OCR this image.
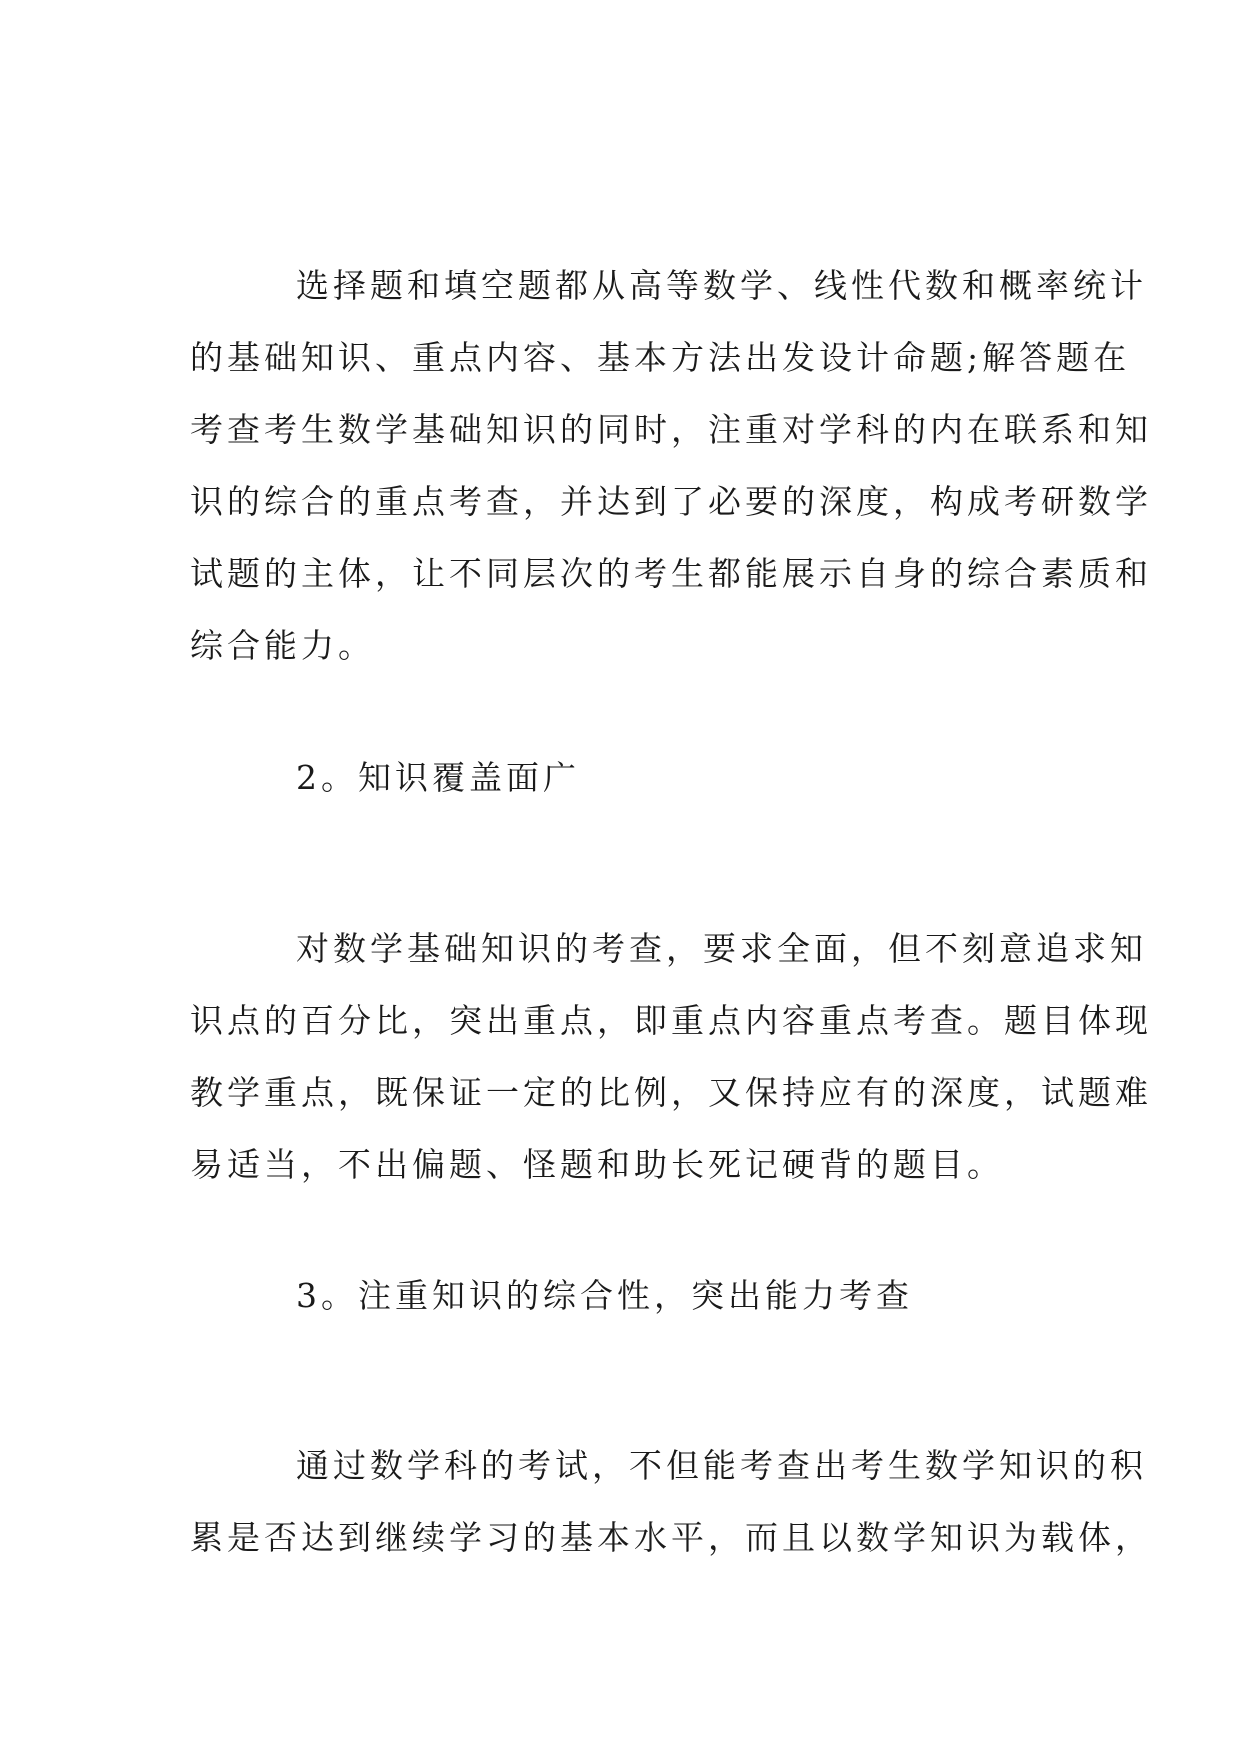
选择题和填空题都从高等数学、线性代数和概率统计
的基础知识、重点内容、基本方法出发设计命题;解答题在
考查考生数学基础知识的同时，注重对学科的内在联系和知
识的综合的重点考查，并达到了必要的深度，构成考研数学
试题的主体，让不同层次的考生都能展示自身的综合素质和
综合能力。
2。知识覆盖面广
对数学基础知识的考查，要求全面，但不刻意追求知
识点的百分比，突出重点，即重点内容重点考查。题目体现
教学重点，既保证一定的比例，又保持应有的深度，试题难
易适当，不出偏题、怪题和助长死记硬背的题目。
3。注重知识的综合性，突出能力考查
通过数学科的考试，不但能考查出考生数学知识的积
累是否达到继续学习的基本水平，而且以数学知识为载体，
